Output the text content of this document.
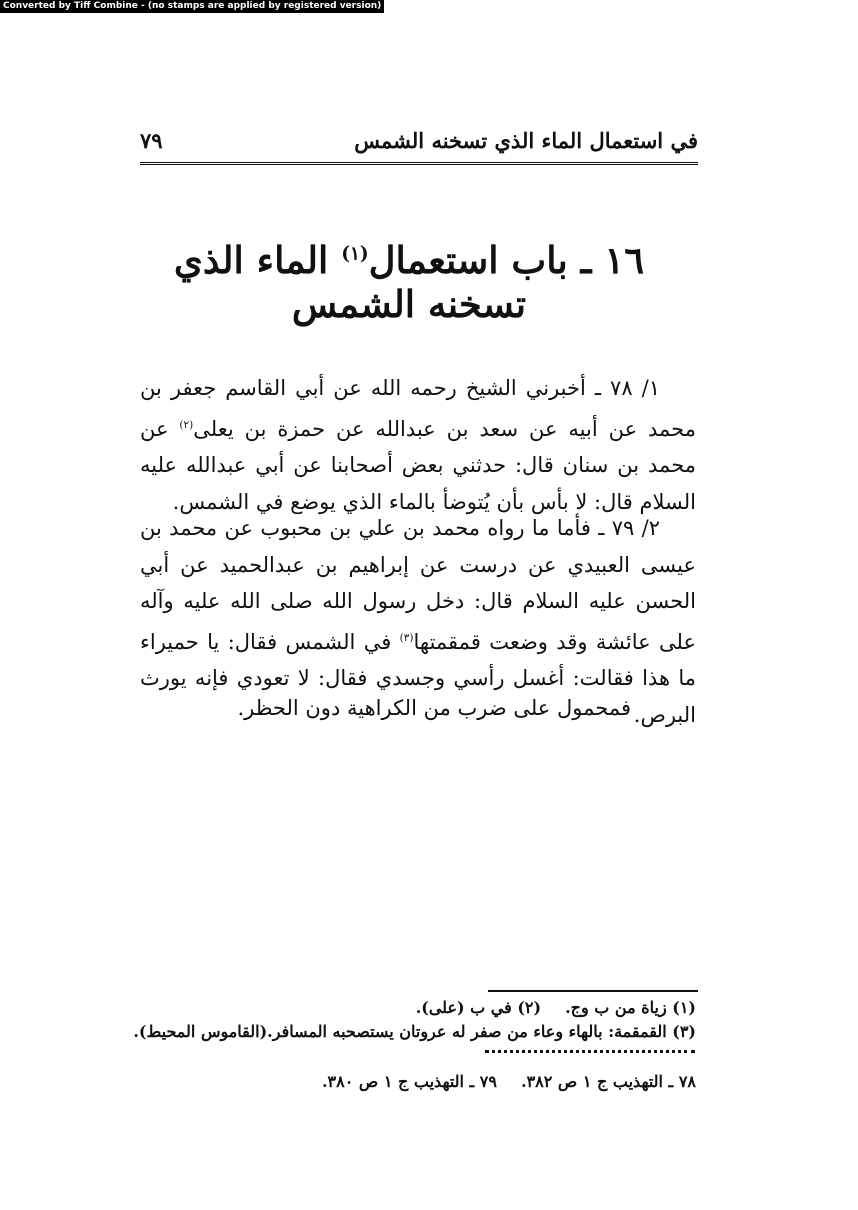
Converted by Tiff Combine - (no stamps are applied by registered version)
في استعمال الماء الذي تسخنه الشمس
٧٩
١٦ ـ باب استعمال$^{(١)}$ الماء الذي تسخنه الشمس

١/ ٧٨ ـ أخبرني الشيخ رحمه الله عن أبي القاسم جعفر بن محمد عن أبيه عن سعد بن عبدالله عن حمزة بن يعلى$^{(٢)}$ عن محمد بن سنان قال: حدثني بعض أصحابنا عن أبي عبدالله عليه السلام قال: لا بأس بأن يُتوضأ بالماء الذي يوضع في الشمس.

٢/ ٧٩ ـ فأما ما رواه محمد بن علي بن محبوب عن محمد بن عيسى العبيدي عن درست عن إبراهيم بن عبدالحميد عن أبي الحسن عليه السلام قال: دخل رسول الله صلى الله عليه وآله على عائشة وقد وضعت قمقمتها$^{(٣)}$ في الشمس فقال: يا حميراء ما هذا فقالت: أغسل رأسي وجسدي فقال: لا تعودي فإنه يورث البرص.

فمحمول على ضرب من الكراهية دون الحظر.

(١) زياة من ب وج.(٢) في ب (على).
(٣) القمقمة: بالهاء وعاء من صفر له عروتان يستصحبه المسافر.(القاموس المحيط).
٧٨ ـ التهذيب ج ١ ص ٣٨٢.٧٩ ـ التهذيب ج ١ ص ٣٨٠.
